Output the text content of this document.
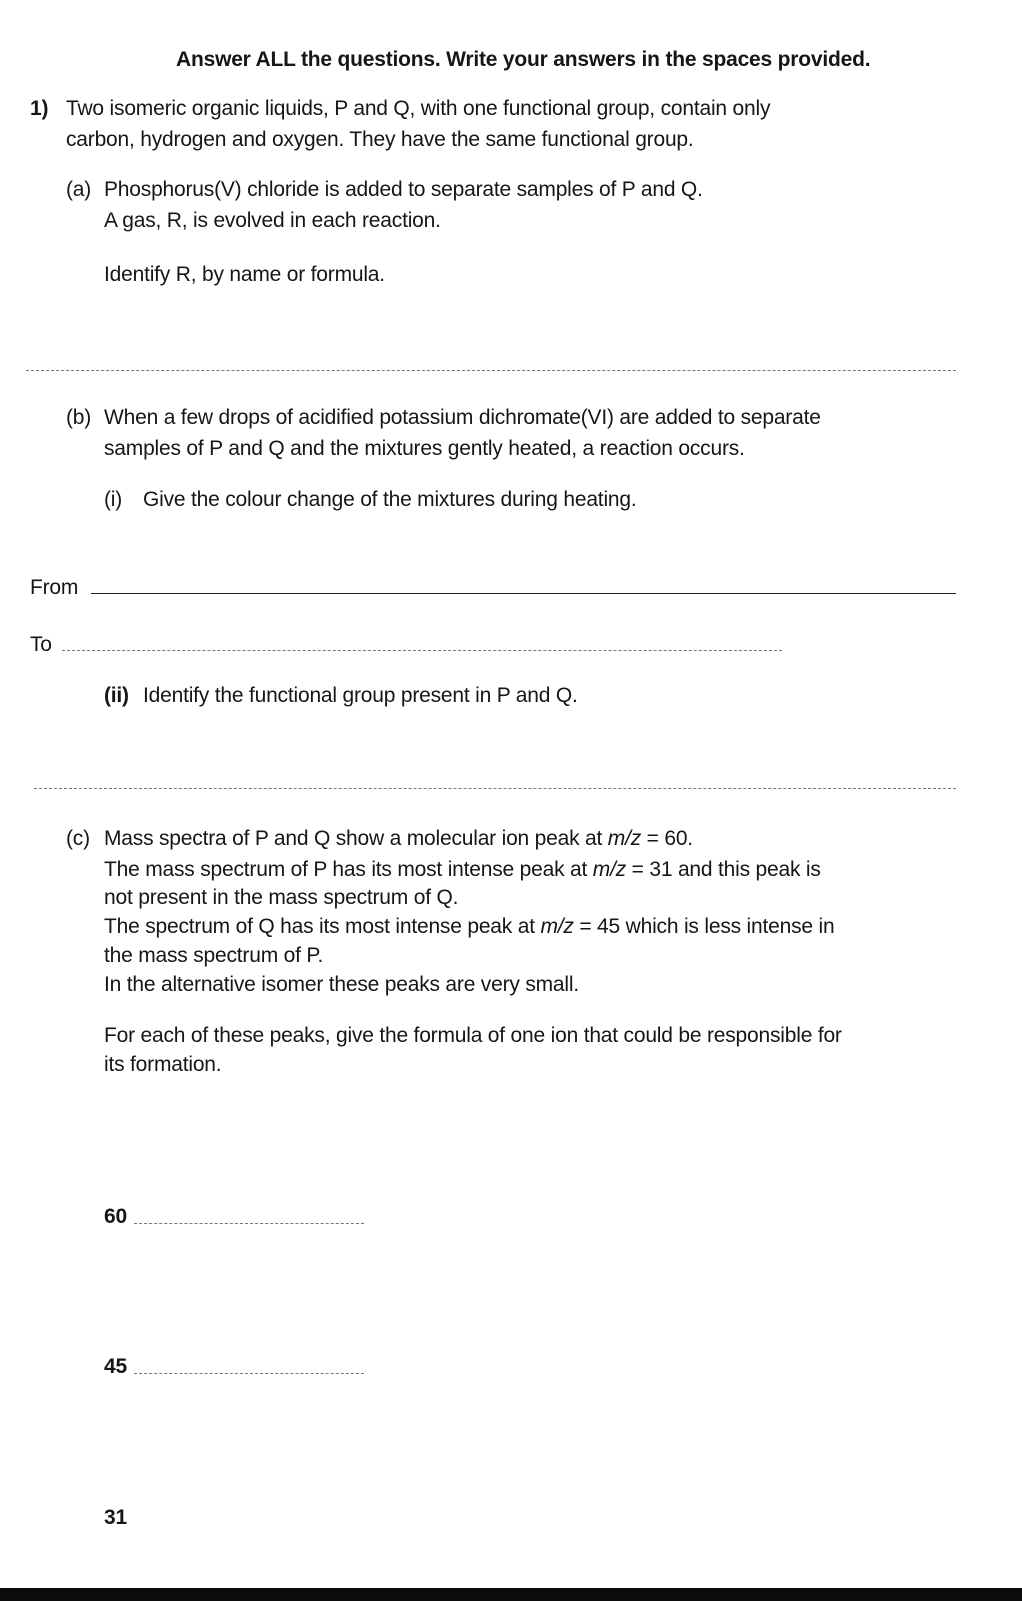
Answer ALL the questions. Write your answers in the spaces provided.
1) Two isomeric organic liquids, P and Q, with one functional group, contain only
carbon, hydrogen and oxygen. They have the same functional group.
(a) Phosphorus(V) chloride is added to separate samples of P and Q.
A gas, R, is evolved in each reaction.
Identify R, by name or formula.
(b) When a few drops of acidified potassium dichromate(VI) are added to separate
samples of P and Q and the mixtures gently heated, a reaction occurs.
(i) Give the colour change of the mixtures during heating.
From
To
(ii) Identify the functional group present in P and Q.
(c) Mass spectra of P and Q show a molecular ion peak at m/z = 60.
The mass spectrum of P has its most intense peak at m/z = 31 and this peak is
not present in the mass spectrum of Q.
The spectrum of Q has its most intense peak at m/z = 45 which is less intense in
the mass spectrum of P.
In the alternative isomer these peaks are very small.
For each of these peaks, give the formula of one ion that could be responsible for
its formation.
60
45
31
